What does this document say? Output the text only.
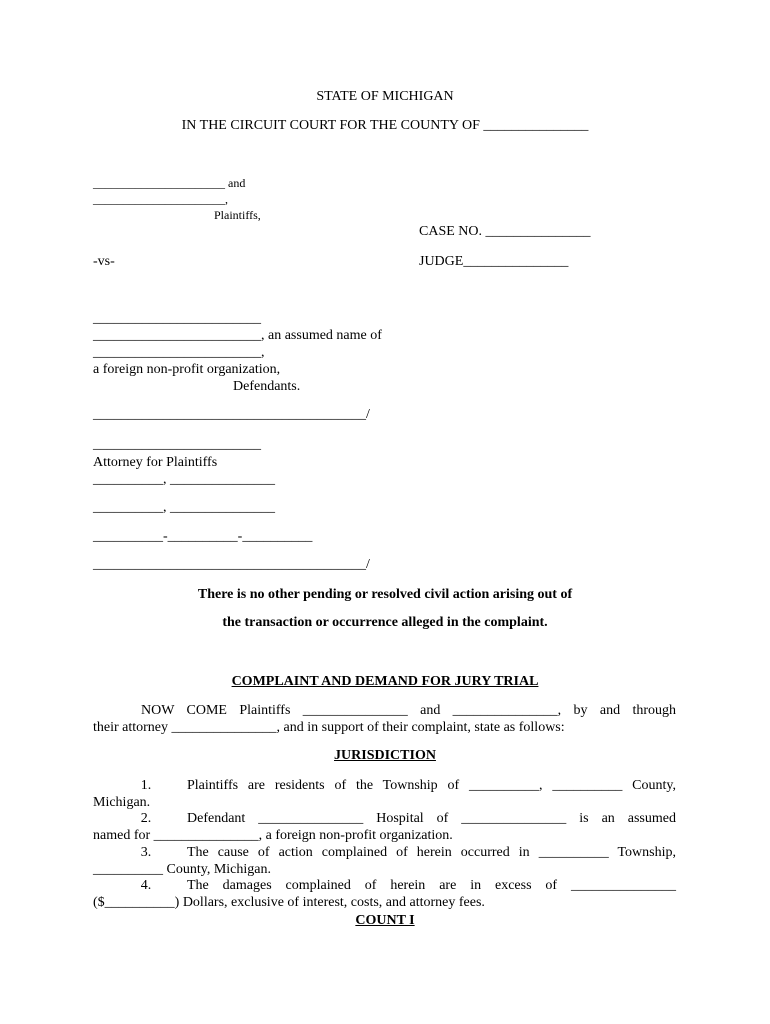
STATE OF MICHIGAN
IN THE CIRCUIT COURT FOR THE COUNTY OF _______________
______________________ and
______________________,
Plaintiffs,
CASE NO. _______________
-vs-	JUDGE_______________
________________________
________________________, an assumed name of
________________________,
a foreign non-profit organization,
Defendants.
_______________________________________/
________________________
Attorney for Plaintiffs
__________, _______________
__________, _______________
__________-__________-__________
_______________________________________/
There is no other pending or resolved civil action arising out of
the transaction or occurrence alleged in the complaint.
COMPLAINT AND DEMAND FOR JURY TRIAL
NOW COME Plaintiffs _______________ and _______________, by and through
their attorney _______________, and in support of their complaint, state as follows:
JURISDICTION
1.	Plaintiffs are residents of the Township of __________, __________ County,
Michigan.
2.	Defendant _______________ Hospital of _______________ is an assumed
named for _______________, a foreign non-profit organization.
3.	The cause of action complained of herein occurred in __________ Township,
__________ County, Michigan.
4.	The damages complained of herein are in excess of _______________
($__________) Dollars, exclusive of interest, costs, and attorney fees.
COUNT I
